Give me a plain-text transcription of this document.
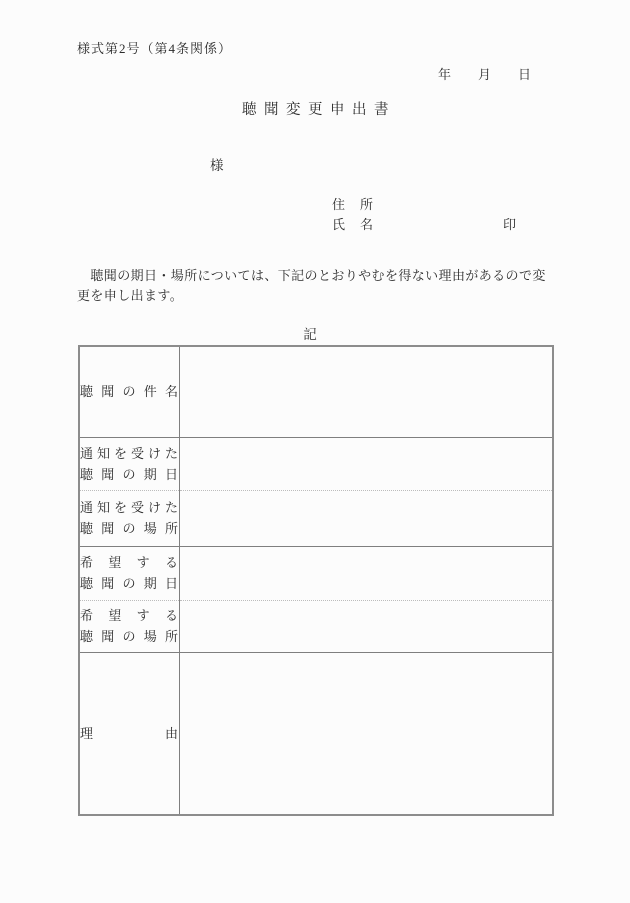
様式第2号（第4条関係）
年　月　日
聴聞変更申出書
様
住　所
氏　名	印
　聴聞の期日・場所については、下記のとおりやむを得ない理由があるので変
更を申し出ます。
記
聴聞の件名	

通知を受けた
聴聞の期日	

通知を受けた
聴聞の場所	

希望する
聴聞の期日	

希望する
聴聞の場所	

理由	
